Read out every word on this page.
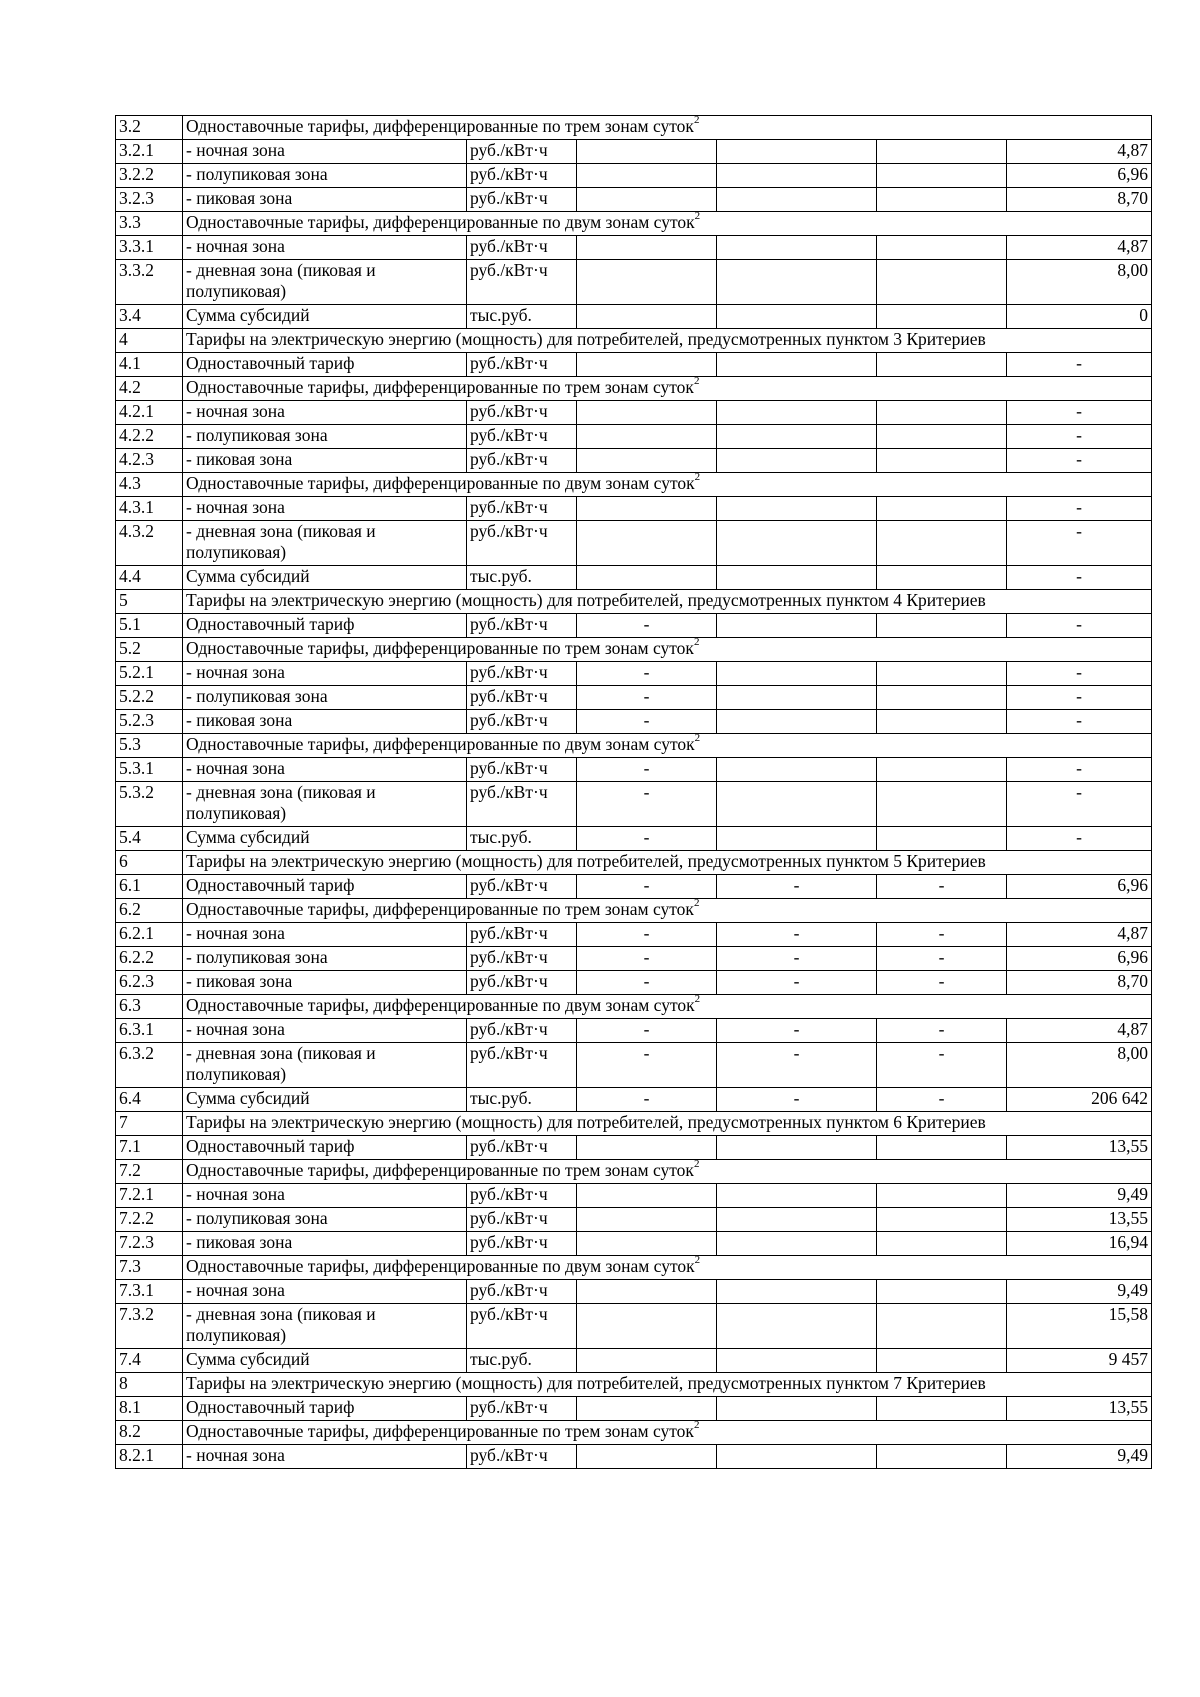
3.2	Одноставочные тарифы, дифференцированные по трем зонам суток$^2$
3.2.1	- ночная зона	руб./кВт·ч				4,87
3.2.2	- полупиковая зона	руб./кВт·ч				6,96
3.2.3	- пиковая зона	руб./кВт·ч				8,70
3.3	Одноставочные тарифы, дифференцированные по двум зонам суток$^2$
3.3.1	- ночная зона	руб./кВт·ч				4,87
3.3.2	- дневная зона (пиковая и полупиковая)	руб./кВт·ч				8,00
3.4	Сумма субсидий	тыс.руб.				0
4	Тарифы на электрическую энергию (мощность) для потребителей, предусмотренных пунктом 3 Критериев					
4.1	Одноставочный тариф	руб./кВт·ч				-
4.2	Одноставочные тарифы, дифференцированные по трем зонам суток$^2$
4.2.1	- ночная зона	руб./кВт·ч				-
4.2.2	- полупиковая зона	руб./кВт·ч				-
4.2.3	- пиковая зона	руб./кВт·ч				-
4.3	Одноставочные тарифы, дифференцированные по двум зонам суток$^2$
4.3.1	- ночная зона	руб./кВт·ч				-
4.3.2	- дневная зона (пиковая и полупиковая)	руб./кВт·ч				-
4.4	Сумма субсидий	тыс.руб.				-
5	Тарифы на электрическую энергию (мощность) для потребителей, предусмотренных пунктом 4 Критериев					
5.1	Одноставочный тариф	руб./кВт·ч	-			-
5.2	Одноставочные тарифы, дифференцированные по трем зонам суток$^2$
5.2.1	- ночная зона	руб./кВт·ч	-			-
5.2.2	- полупиковая зона	руб./кВт·ч	-			-
5.2.3	- пиковая зона	руб./кВт·ч	-			-
5.3	Одноставочные тарифы, дифференцированные по двум зонам суток$^2$
5.3.1	- ночная зона	руб./кВт·ч	-			-
5.3.2	- дневная зона (пиковая и полупиковая)	руб./кВт·ч	-			-
5.4	Сумма субсидий	тыс.руб.	-			-
6	Тарифы на электрическую энергию (мощность) для потребителей, предусмотренных пунктом 5 Критериев					
6.1	Одноставочный тариф	руб./кВт·ч	-	-	-	6,96
6.2	Одноставочные тарифы, дифференцированные по трем зонам суток$^2$
6.2.1	- ночная зона	руб./кВт·ч	-	-	-	4,87
6.2.2	- полупиковая зона	руб./кВт·ч	-	-	-	6,96
6.2.3	- пиковая зона	руб./кВт·ч	-	-	-	8,70
6.3	Одноставочные тарифы, дифференцированные по двум зонам суток$^2$
6.3.1	- ночная зона	руб./кВт·ч	-	-	-	4,87
6.3.2	- дневная зона (пиковая и полупиковая)	руб./кВт·ч	-	-	-	8,00
6.4	Сумма субсидий	тыс.руб.	-	-	-	206 642
7	Тарифы на электрическую энергию (мощность) для потребителей, предусмотренных пунктом 6 Критериев					
7.1	Одноставочный тариф	руб./кВт·ч				13,55
7.2	Одноставочные тарифы, дифференцированные по трем зонам суток$^2$
7.2.1	- ночная зона	руб./кВт·ч				9,49
7.2.2	- полупиковая зона	руб./кВт·ч				13,55
7.2.3	- пиковая зона	руб./кВт·ч				16,94
7.3	Одноставочные тарифы, дифференцированные по двум зонам суток$^2$
7.3.1	- ночная зона	руб./кВт·ч				9,49
7.3.2	- дневная зона (пиковая и полупиковая)	руб./кВт·ч				15,58
7.4	Сумма субсидий	тыс.руб.				9 457
8	Тарифы на электрическую энергию (мощность) для потребителей, предусмотренных пунктом 7 Критериев					
8.1	Одноставочный тариф	руб./кВт·ч				13,55
8.2	Одноставочные тарифы, дифференцированные по трем зонам суток$^2$
8.2.1	- ночная зона	руб./кВт·ч				9,49
